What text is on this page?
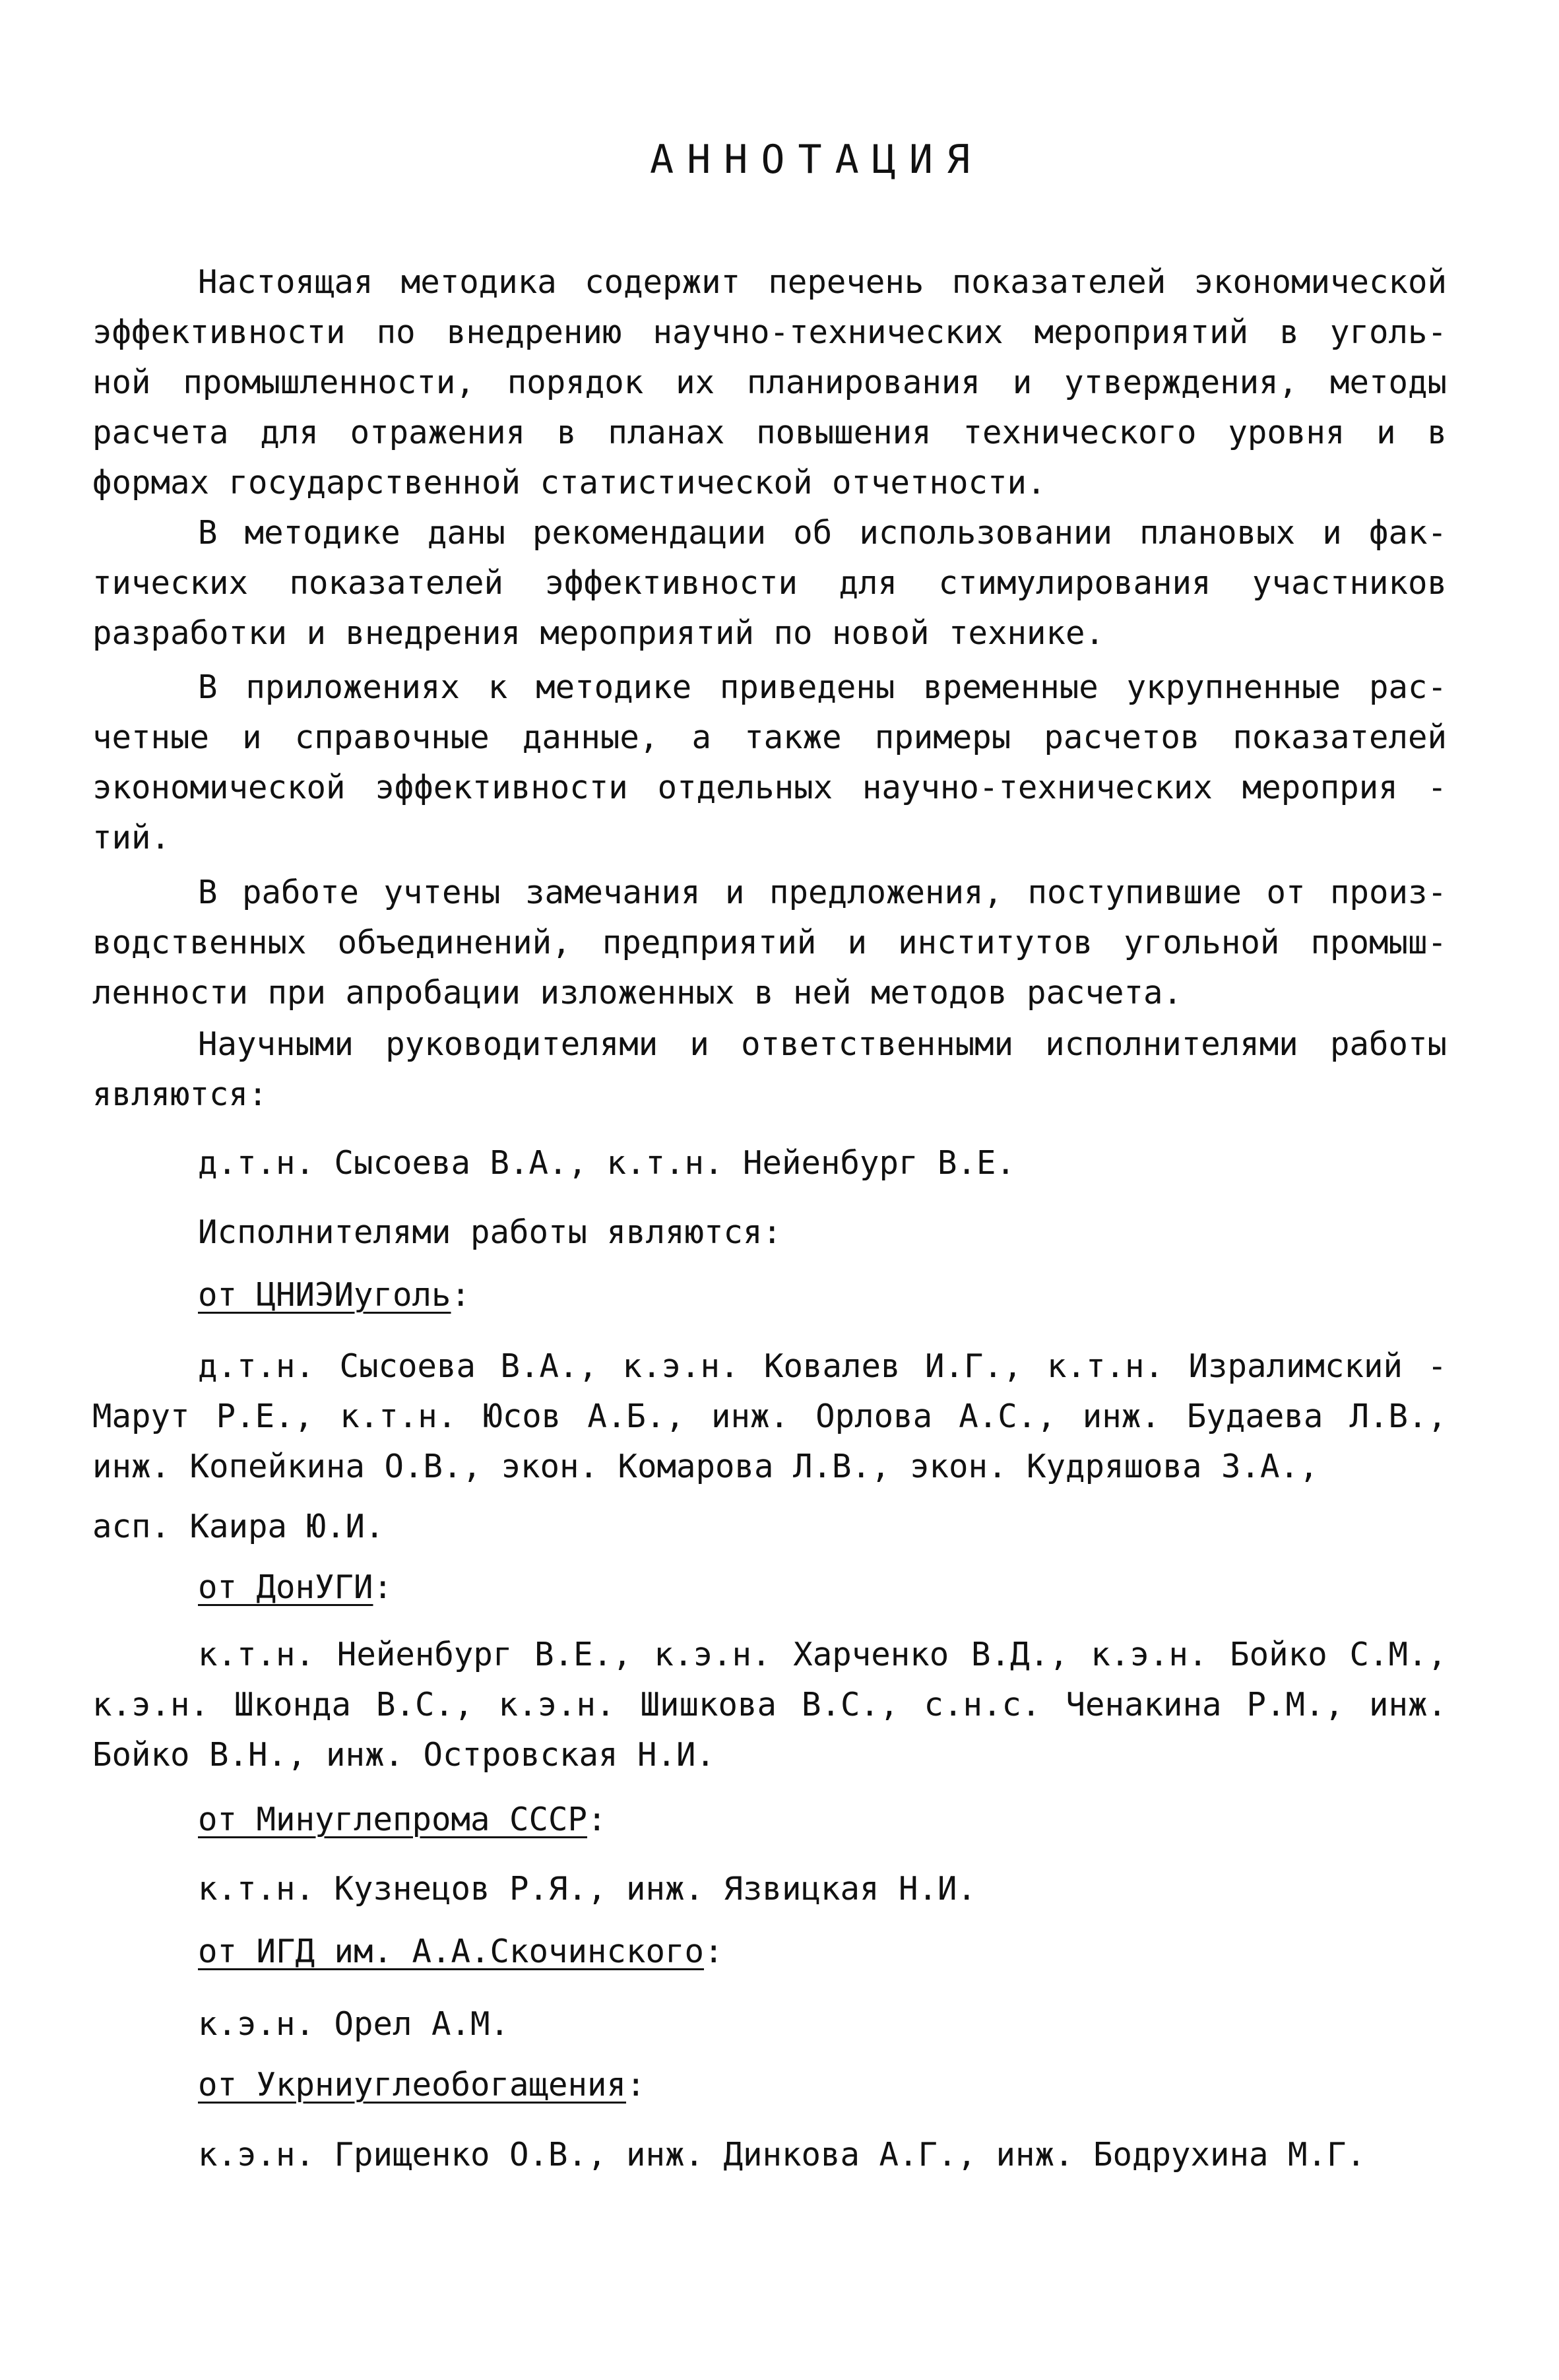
АННОТАЦИЯ
Настоящая методика содержит перечень показателей экономической
эффективности по внедрению научно-технических мероприятий в уголь-
ной промышленности, порядок их планирования и утверждения, методы
расчета для отражения в планах повышения технического уровня и в
формах государственной статистической отчетности.
В методике даны рекомендации об использовании плановых и фак-
тических показателей эффективности для стимулирования участников
разработки и внедрения мероприятий по новой технике.
В приложениях к методике приведены временные укрупненные рас-
четные и справочные данные, а также примеры расчетов показателей
экономической эффективности отдельных научно-технических мероприя -
тий.
В работе учтены замечания и предложения, поступившие от произ-
водственных объединений, предприятий и институтов угольной промыш-
ленности при апробации изложенных в ней методов расчета.
Научными руководителями и ответственными исполнителями работы
являются:
д.т.н. Сысоева В.А., к.т.н. Нейенбург В.Е.
Исполнителями работы являются:
от ЦНИЭИуголь:
д.т.н. Сысоева В.А., к.э.н. Ковалев И.Г., к.т.н. Изралимский -
Марут Р.Е., к.т.н. Юсов А.Б., инж. Орлова А.С., инж. Будаева Л.В.,
инж. Копейкина О.В., экон. Комарова Л.В., экон. Кудряшова З.А.,
асп. Каира Ю.И.
от ДонУГИ:
к.т.н. Нейенбург В.Е., к.э.н. Харченко В.Д., к.э.н. Бойко С.М.,
к.э.н. Шконда В.С., к.э.н. Шишкова В.С., с.н.с. Ченакина Р.М., инж.
Бойко В.Н., инж. Островская Н.И.
от Минуглепрома СССР:
к.т.н. Кузнецов Р.Я., инж. Язвицкая Н.И.
от ИГД им. А.А.Скочинского:
к.э.н. Орел А.М.
от Укрниуглеобогащения:
к.э.н. Грищенко О.В., инж. Динкова А.Г., инж. Бодрухина М.Г.
